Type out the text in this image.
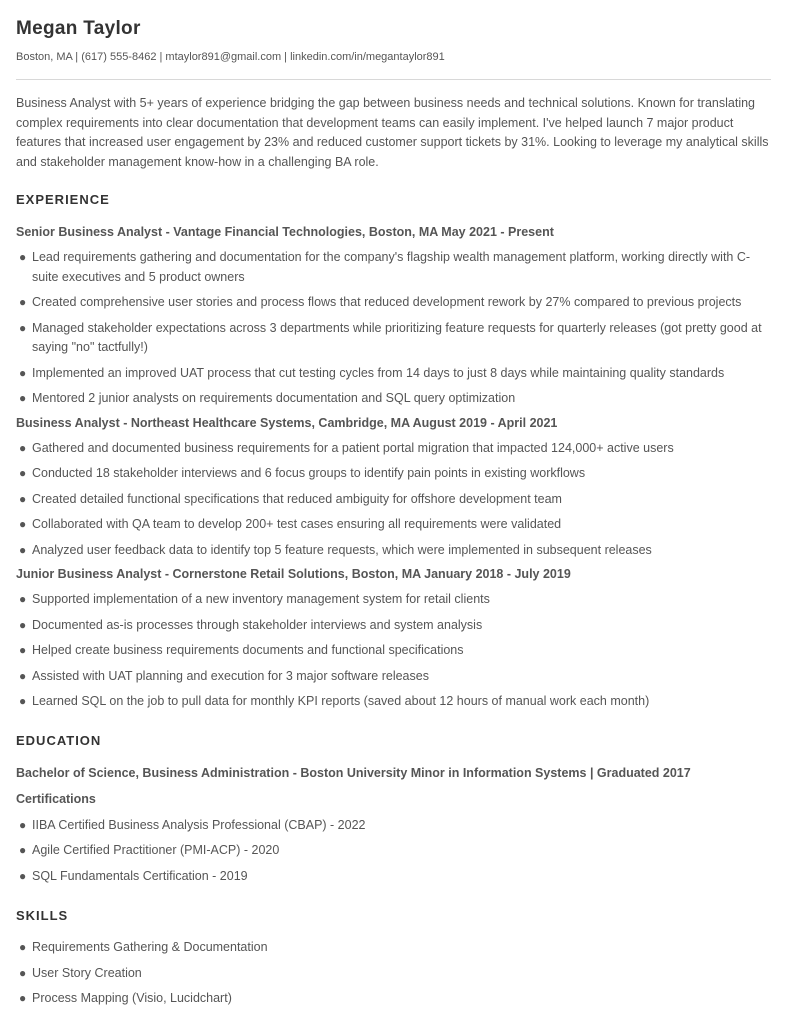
Megan Taylor
Boston, MA | (617) 555-8462 | mtaylor891@gmail.com | linkedin.com/in/megantaylor891

Business Analyst with 5+ years of experience bridging the gap between business needs and technical solutions. Known for translating complex requirements into clear documentation that development teams can easily implement. I've helped launch 7 major product features that increased user engagement by 23% and reduced customer support tickets by 31%. Looking to leverage my analytical skills and stakeholder management know-how in a challenging BA role.

EXPERIENCE
Senior Business Analyst - Vantage Financial Technologies, Boston, MA May 2021 - Present
● Lead requirements gathering and documentation for the company's flagship wealth management platform, working directly with C-suite executives and 5 product owners
● Created comprehensive user stories and process flows that reduced development rework by 27% compared to previous projects
● Managed stakeholder expectations across 3 departments while prioritizing feature requests for quarterly releases (got pretty good at saying "no" tactfully!)
● Implemented an improved UAT process that cut testing cycles from 14 days to just 8 days while maintaining quality standards
● Mentored 2 junior analysts on requirements documentation and SQL query optimization
Business Analyst - Northeast Healthcare Systems, Cambridge, MA August 2019 - April 2021
● Gathered and documented business requirements for a patient portal migration that impacted 124,000+ active users
● Conducted 18 stakeholder interviews and 6 focus groups to identify pain points in existing workflows
● Created detailed functional specifications that reduced ambiguity for offshore development team
● Collaborated with QA team to develop 200+ test cases ensuring all requirements were validated
● Analyzed user feedback data to identify top 5 feature requests, which were implemented in subsequent releases
Junior Business Analyst - Cornerstone Retail Solutions, Boston, MA January 2018 - July 2019
● Supported implementation of a new inventory management system for retail clients
● Documented as-is processes through stakeholder interviews and system analysis
● Helped create business requirements documents and functional specifications
● Assisted with UAT planning and execution for 3 major software releases
● Learned SQL on the job to pull data for monthly KPI reports (saved about 12 hours of manual work each month)
EDUCATION
Bachelor of Science, Business Administration - Boston University Minor in Information Systems | Graduated 2017
Certifications
● IIBA Certified Business Analysis Professional (CBAP) - 2022
● Agile Certified Practitioner (PMI-ACP) - 2020
● SQL Fundamentals Certification - 2019
SKILLS
● Requirements Gathering & Documentation
● User Story Creation
● Process Mapping (Visio, Lucidchart)
